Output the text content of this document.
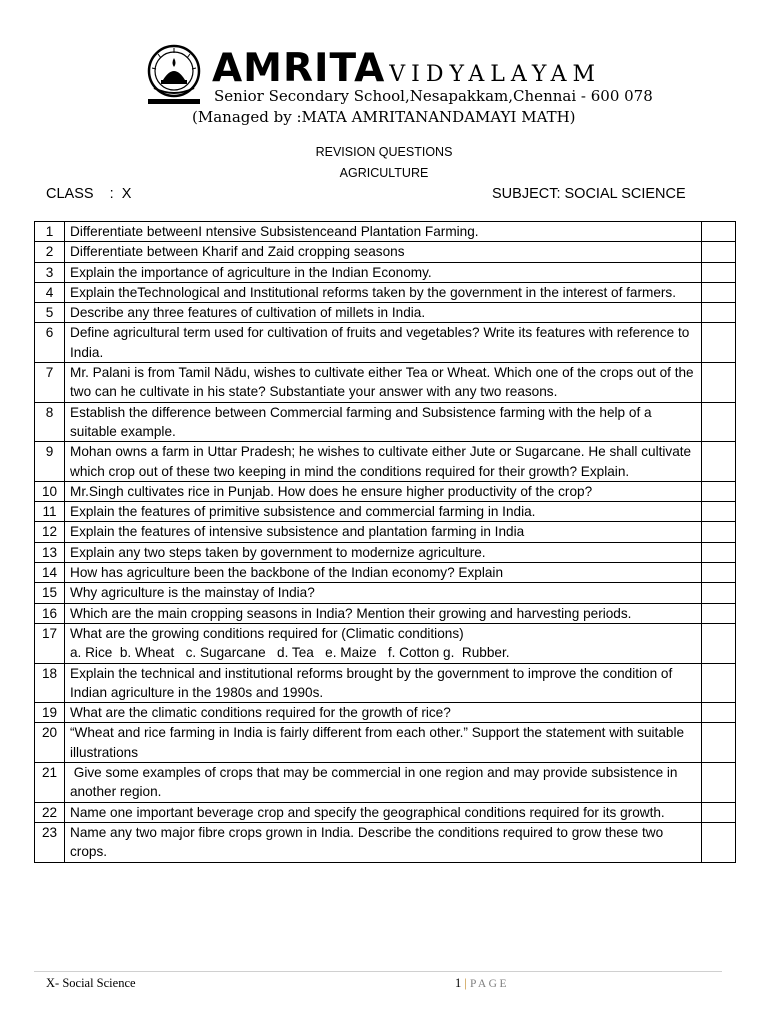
AMRITA VIDYALAYAM
Senior Secondary School,Nesapakkam,Chennai - 600 078
(Managed by :MATA AMRITANANDAMAYI MATH)
REVISION QUESTIONS
AGRICULTURE
CLASS    :  X	SUBJECT: SOCIAL SCIENCE
1	Differentiate betweenI ntensive Subsistenceand Plantation Farming.	
2	Differentiate between Kharif and Zaid cropping seasons	
3	Explain the importance of agriculture in the Indian Economy.	
4	Explain theTechnological and Institutional reforms taken by the government in the interest of farmers.	
5	Describe any three features of cultivation of millets in India.	
6	Define agricultural term used for cultivation of fruits and vegetables? Write its features with reference to India.	
7	Mr. Palani is from Tamil Nādu, wishes to cultivate either Tea or Wheat. Which one of the crops out of the two can he cultivate in his state? Substantiate your answer with any two reasons.	
8	Establish the difference between Commercial farming and Subsistence farming with the help of a suitable example.	
9	Mohan owns a farm in Uttar Pradesh; he wishes to cultivate either Jute or Sugarcane. He shall cultivate which crop out of these two keeping in mind the conditions required for their growth? Explain.	
10	Mr.Singh cultivates rice in Punjab. How does he ensure higher productivity of the crop?	
11	Explain the features of primitive subsistence and commercial farming in India.	
12	Explain the features of intensive subsistence and plantation farming in India	
13	Explain any two steps taken by government to modernize agriculture.	
14	How has agriculture been the backbone of the Indian economy? Explain	
15	Why agriculture is the mainstay of India?	
16	Which are the main cropping seasons in India? Mention their growing and harvesting periods.	
17	What are the growing conditions required for (Climatic conditions)
a. Rice  b. Wheat   c. Sugarcane   d. Tea   e. Maize   f. Cotton g.  Rubber.	

18	Explain the technical and institutional reforms brought by the government to improve the condition of Indian agriculture in the 1980s and 1990s.	
19	What are the climatic conditions required for the growth of rice?	
20	“Wheat and rice farming in India is fairly different from each other.” Support the statement with suitable illustrations	
21	Give some examples of crops that may be commercial in one region and may provide subsistence in another region.	
22	Name one important beverage crop and specify the geographical conditions required for its growth.	
23	Name any two major fibre crops grown in India. Describe the conditions required to grow these two crops.	
X- Social Science	1 | PAGE
